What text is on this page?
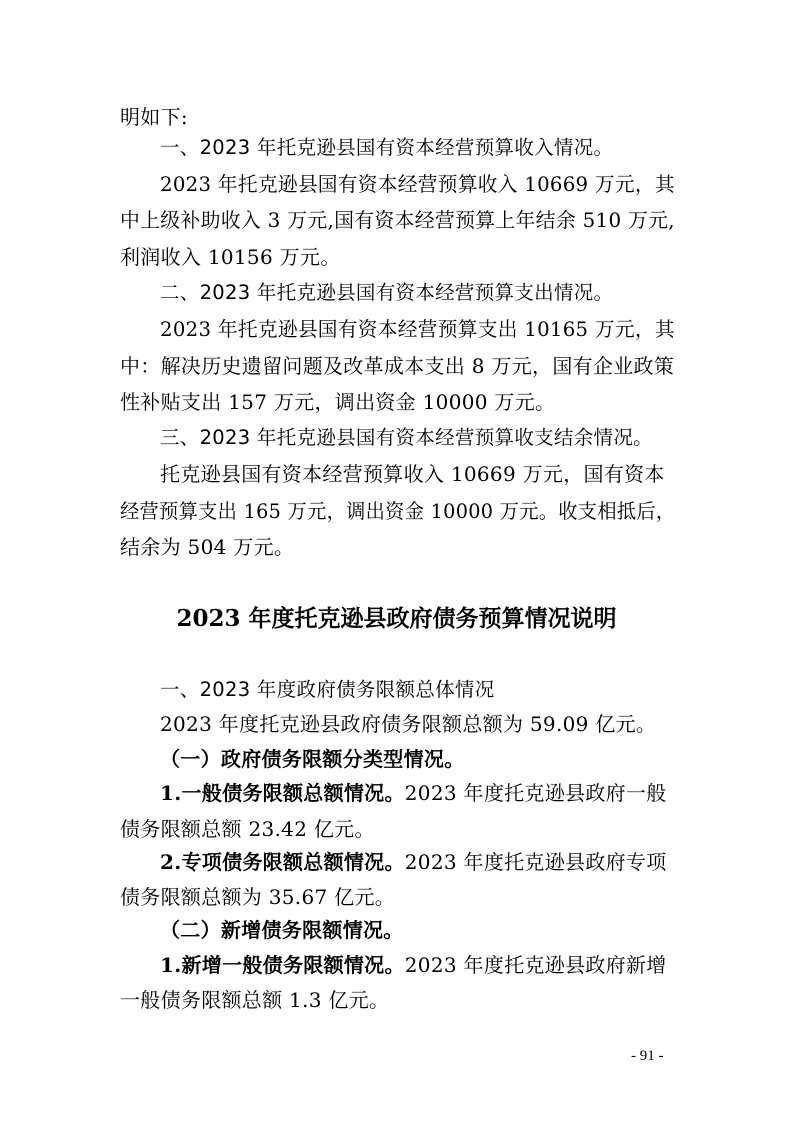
明如下:
一、2023 年托克逊县国有资本经营预算收入情况。
2023 年托克逊县国有资本经营预算收入 10669 万元，其
中上级补助收入 3 万元,国有资本经营预算上年结余 510 万元,
利润收入 10156 万元。
二、2023 年托克逊县国有资本经营预算支出情况。
2023 年托克逊县国有资本经营预算支出 10165 万元，其
中：解决历史遗留问题及改革成本支出 8 万元，国有企业政策
性补贴支出 157 万元，调出资金 10000 万元。
三、2023 年托克逊县国有资本经营预算收支结余情况。
托克逊县国有资本经营预算收入 10669 万元，国有资本
经营预算支出 165 万元，调出资金 10000 万元。收支相抵后，
结余为 504 万元。
2023 年度托克逊县政府债务预算情况说明
一、2023 年度政府债务限额总体情况
2023 年度托克逊县政府债务限额总额为 59.09 亿元。
（一）政府债务限额分类型情况。
1.一般债务限额总额情况。2023 年度托克逊县政府一般
债务限额总额 23.42 亿元。
2.专项债务限额总额情况。2023 年度托克逊县政府专项
债务限额总额为 35.67 亿元。
（二）新增债务限额情况。
1.新增一般债务限额情况。2023 年度托克逊县政府新增
一般债务限额总额 1.3 亿元。
- 91 -
